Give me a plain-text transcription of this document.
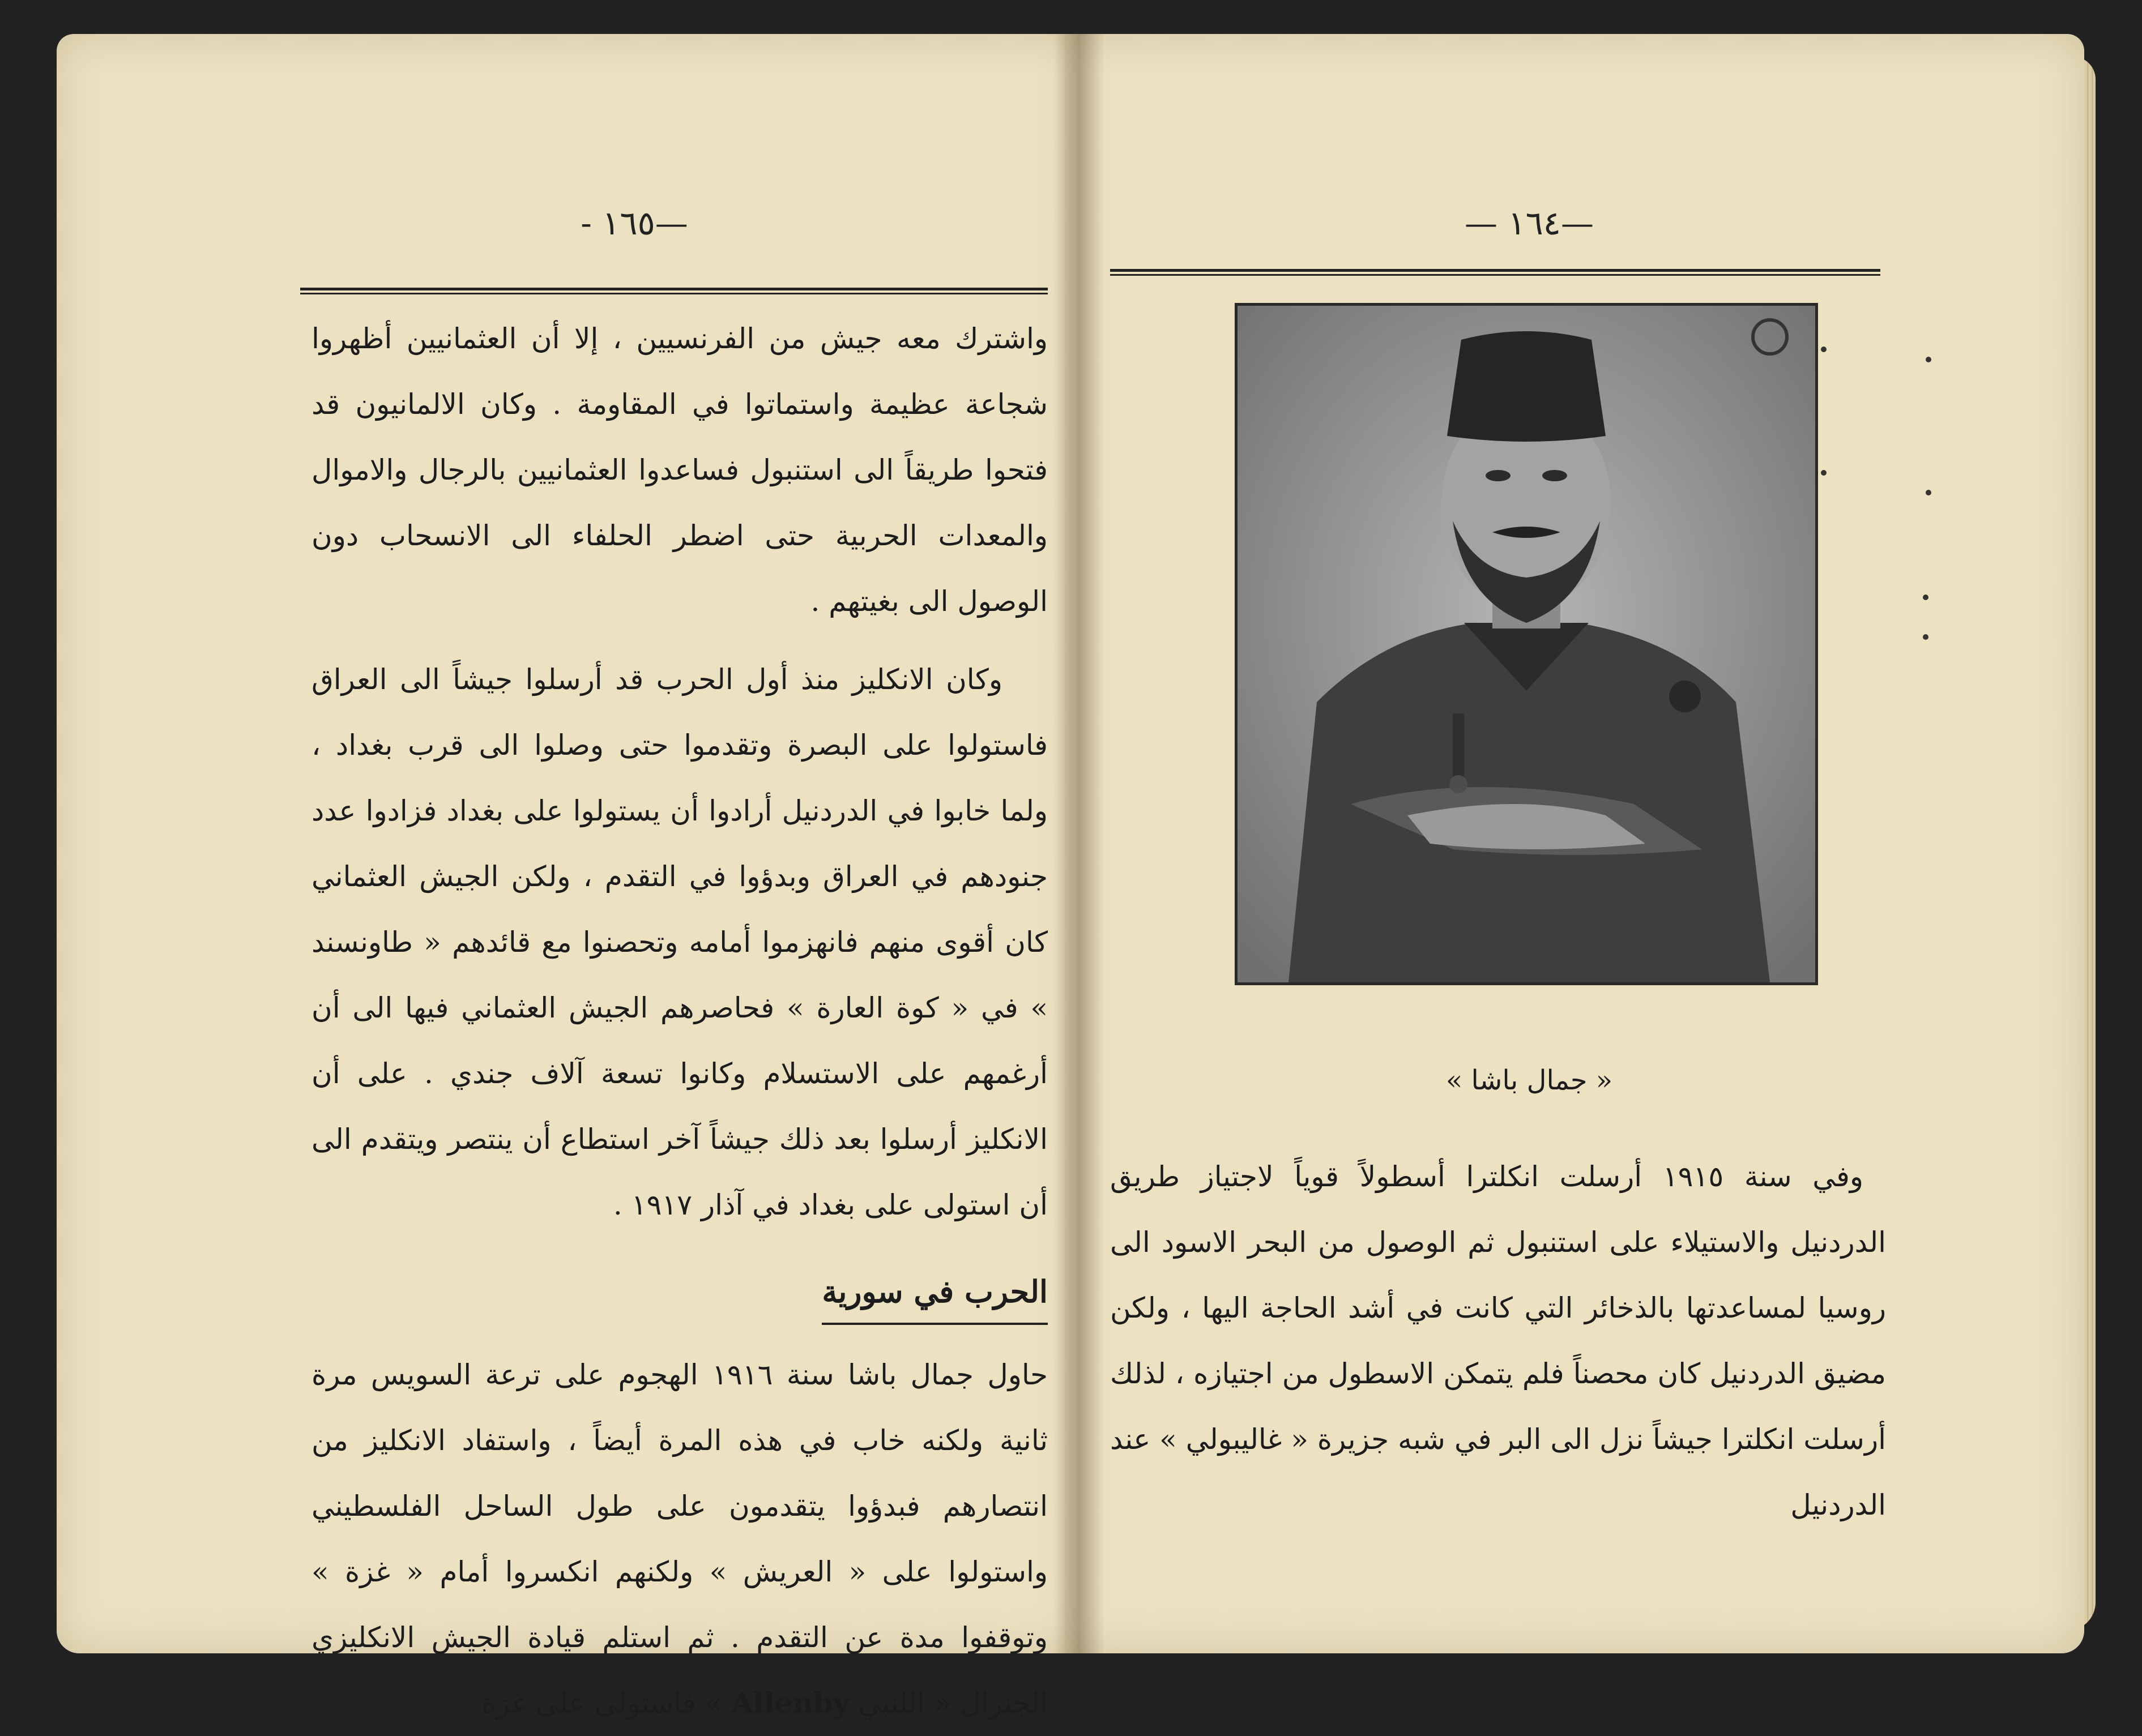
—١٦٥ -

واشترك معه جيش من الفرنسيين ، إلا أن العثمانيين أظهروا شجاعة عظيمة واستماتوا في المقاومة . وكان الالمانيون قد فتحوا طريقاً الى استنبول فساعدوا العثمانيين بالرجال والاموال والمعدات الحربية حتى اضطر الحلفاء الى الانسحاب دون الوصول الى بغيتهم .

وكان الانكليز منذ أول الحرب قد أرسلوا جيشاً الى العراق فاستولوا على البصرة وتقدموا حتى وصلوا الى قرب بغداد ، ولما خابوا في الدردنيل أرادوا أن يستولوا على بغداد فزادوا عدد جنودهم في العراق وبدؤوا في التقدم ، ولكن الجيش العثماني كان أقوى منهم فانهزموا أمامه وتحصنوا مع قائدهم « طاونسند » في « كوة العارة » فحاصرهم الجيش العثماني فيها الى أن أرغمهم على الاستسلام وكانوا تسعة آلاف جندي . على أن الانكليز أرسلوا بعد ذلك جيشاً آخر استطاع أن ينتصر ويتقدم الى أن استولى على بغداد في آذار ١٩١٧ .

الحرب في سورية

حاول جمال باشا سنة ١٩١٦ الهجوم على ترعة السويس مرة ثانية ولكنه خاب في هذه المرة أيضاً ، واستفاد الانكليز من انتصارهم فبدؤوا يتقدمون على طول الساحل الفلسطيني واستولوا على « العريش » ولكنهم انكسروا أمام « غزة » وتوقفوا مدة عن التقدم . ثم استلم قيادة الجيش الانكليزي الجنرال « اللنبي Allenby » فاستولى على غزة

—١٦٤ —
« جمال باشا »

وفي سنة ١٩١٥ أرسلت انكلترا أسطولاً قوياً لاجتياز طريق الدردنيل والاستيلاء على استنبول ثم الوصول من البحر الاسود الى روسيا لمساعدتها بالذخائر التي كانت في أشد الحاجة اليها ، ولكن مضيق الدردنيل كان محصناً فلم يتمكن الاسطول من اجتيازه ، لذلك أرسلت انكلترا جيشاً نزل الى البر في شبه جزيرة « غاليبولي » عند الدردنيل
